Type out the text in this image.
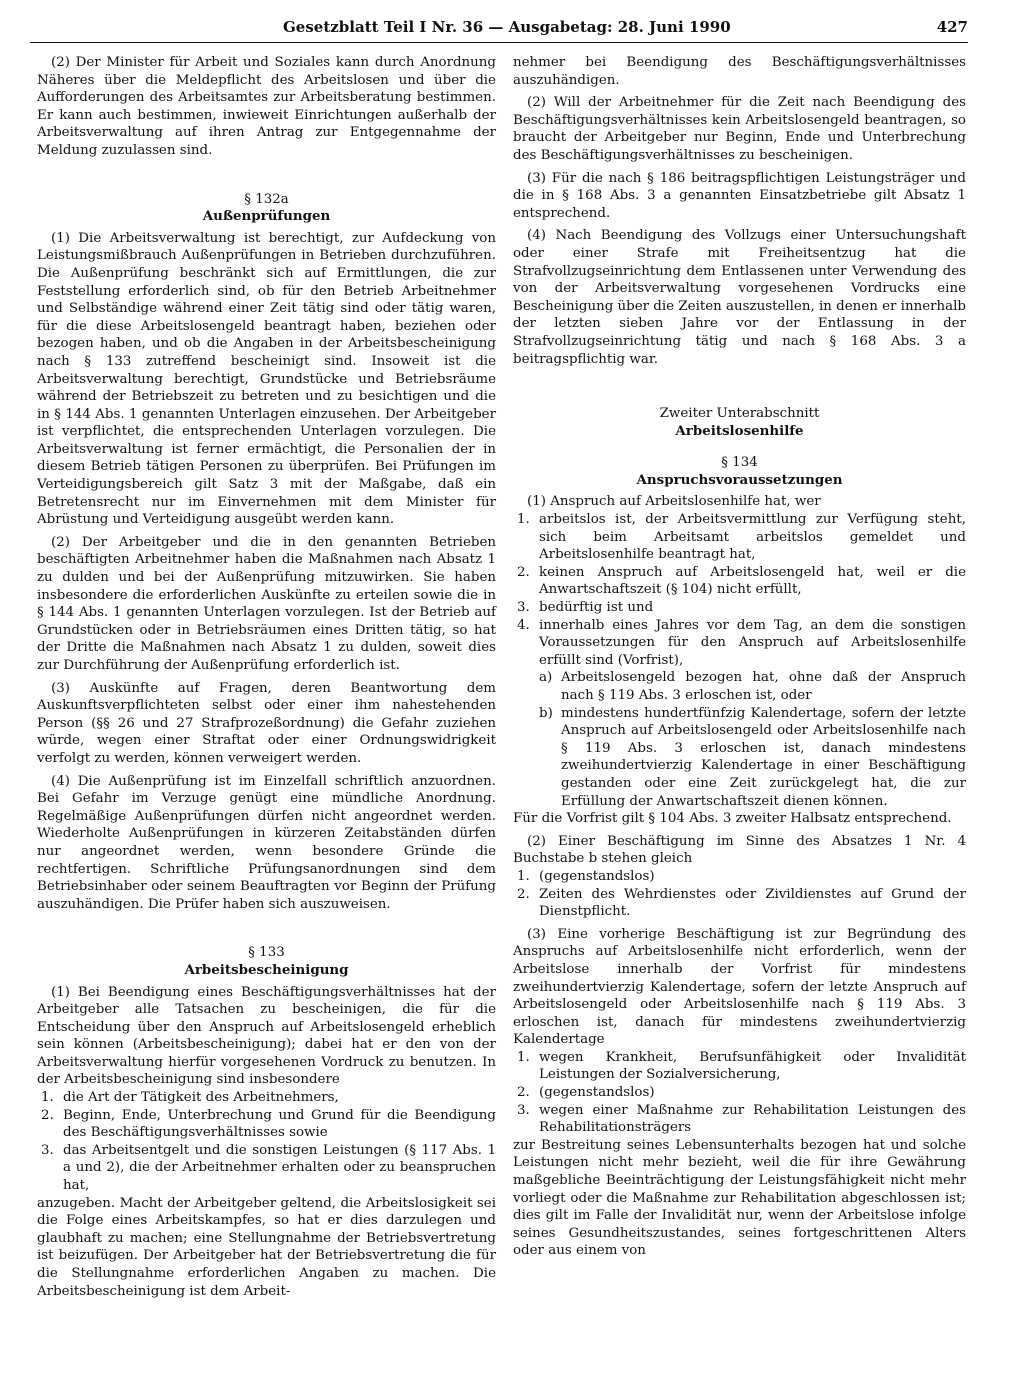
Gesetzblatt Teil I Nr. 36 — Ausgabetag: 28. Juni 1990	427

(2) Der Minister für Arbeit und Soziales kann durch Anordnung Näheres über die Meldepflicht des Arbeitslosen und über die Aufforderungen des Arbeitsamtes zur Arbeitsberatung bestimmen. Er kann auch bestimmen, inwieweit Einrichtungen außerhalb der Arbeitsverwaltung auf ihren Antrag zur Entgegennahme der Meldung zuzulassen sind.

§ 132a

Außenprüfungen

(1) Die Arbeitsverwaltung ist berechtigt, zur Aufdeckung von Leistungsmißbrauch Außenprüfungen in Betrieben durchzuführen. Die Außenprüfung beschränkt sich auf Ermittlungen, die zur Feststellung erforderlich sind, ob für den Betrieb Arbeitnehmer und Selbständige während einer Zeit tätig sind oder tätig waren, für die diese Arbeitslosengeld beantragt haben, beziehen oder bezogen haben, und ob die Angaben in der Arbeitsbescheinigung nach § 133 zutreffend bescheinigt sind. Insoweit ist die Arbeitsverwaltung berechtigt, Grundstücke und Betriebsräume während der Betriebszeit zu betreten und zu besichtigen und die in § 144 Abs. 1 genannten Unterlagen einzusehen. Der Arbeitgeber ist verpflichtet, die entsprechenden Unterlagen vorzulegen. Die Arbeitsverwaltung ist ferner ermächtigt, die Personalien der in diesem Betrieb tätigen Personen zu überprüfen. Bei Prüfungen im Verteidigungsbereich gilt Satz 3 mit der Maßgabe, daß ein Betretensrecht nur im Einvernehmen mit dem Minister für Abrüstung und Verteidigung ausgeübt werden kann.

(2) Der Arbeitgeber und die in den genannten Betrieben beschäftigten Arbeitnehmer haben die Maßnahmen nach Absatz 1 zu dulden und bei der Außenprüfung mitzuwirken. Sie haben insbesondere die erforderlichen Auskünfte zu erteilen sowie die in § 144 Abs. 1 genannten Unterlagen vorzulegen. Ist der Betrieb auf Grundstücken oder in Betriebsräumen eines Dritten tätig, so hat der Dritte die Maßnahmen nach Absatz 1 zu dulden, soweit dies zur Durchführung der Außenprüfung erforderlich ist.

(3) Auskünfte auf Fragen, deren Beantwortung dem Auskunftsverpflichteten selbst oder einer ihm nahestehenden Person (§§ 26 und 27 Strafprozeßordnung) die Gefahr zuziehen würde, wegen einer Straftat oder einer Ordnungswidrigkeit verfolgt zu werden, können verweigert werden.

(4) Die Außenprüfung ist im Einzelfall schriftlich anzuordnen. Bei Gefahr im Verzuge genügt eine mündliche Anordnung. Regelmäßige Außenprüfungen dürfen nicht angeordnet werden. Wiederholte Außenprüfungen in kürzeren Zeitabständen dürfen nur angeordnet werden, wenn besondere Gründe die rechtfertigen. Schriftliche Prüfungsanordnungen sind dem Betriebsinhaber oder seinem Beauftragten vor Beginn der Prüfung auszuhändigen. Die Prüfer haben sich auszuweisen.

§ 133

Arbeitsbescheinigung

(1) Bei Beendigung eines Beschäftigungsverhältnisses hat der Arbeitgeber alle Tatsachen zu bescheinigen, die für die Entscheidung über den Anspruch auf Arbeitslosengeld erheblich sein können (Arbeitsbescheinigung); dabei hat er den von der Arbeitsverwaltung hierfür vorgesehenen Vordruck zu benutzen. In der Arbeitsbescheinigung sind insbesondere

1. die Art der Tätigkeit des Arbeitnehmers,
2. Beginn, Ende, Unterbrechung und Grund für die Beendigung des Beschäftigungsverhältnisses sowie
3. das Arbeitsentgelt und die sonstigen Leistungen (§ 117 Abs. 1 a und 2), die der Arbeitnehmer erhalten oder zu beanspruchen hat,

anzugeben. Macht der Arbeitgeber geltend, die Arbeitslosigkeit sei die Folge eines Arbeitskampfes, so hat er dies darzulegen und glaubhaft zu machen; eine Stellungnahme der Betriebsvertretung ist beizufügen. Der Arbeitgeber hat der Betriebsvertretung die für die Stellungnahme erforderlichen Angaben zu machen. Die Arbeitsbescheinigung ist dem Arbeit-

nehmer bei Beendigung des Beschäftigungsverhältnisses auszuhändigen.

(2) Will der Arbeitnehmer für die Zeit nach Beendigung des Beschäftigungsverhältnisses kein Arbeitslosengeld beantragen, so braucht der Arbeitgeber nur Beginn, Ende und Unterbrechung des Beschäftigungsverhältnisses zu bescheinigen.

(3) Für die nach § 186 beitragspflichtigen Leistungsträger und die in § 168 Abs. 3 a genannten Einsatzbetriebe gilt Absatz 1 entsprechend.

(4) Nach Beendigung des Vollzugs einer Untersuchungshaft oder einer Strafe mit Freiheitsentzug hat die Strafvollzugseinrichtung dem Entlassenen unter Verwendung des von der Arbeitsverwaltung vorgesehenen Vordrucks eine Bescheinigung über die Zeiten auszustellen, in denen er innerhalb der letzten sieben Jahre vor der Entlassung in der Strafvollzugseinrichtung tätig und nach § 168 Abs. 3 a beitragspflichtig war.

Zweiter Unterabschnitt

Arbeitslosenhilfe

§ 134

Anspruchsvoraussetzungen

(1) Anspruch auf Arbeitslosenhilfe hat, wer

1. arbeitslos ist, der Arbeitsvermittlung zur Verfügung steht, sich beim Arbeitsamt arbeitslos gemeldet und Arbeitslosenhilfe beantragt hat,
2. keinen Anspruch auf Arbeitslosengeld hat, weil er die Anwartschaftszeit (§ 104) nicht erfüllt,
3. bedürftig ist und
4. innerhalb eines Jahres vor dem Tag, an dem die sonstigen Voraussetzungen für den Anspruch auf Arbeitslosenhilfe erfüllt sind (Vorfrist),
a) Arbeitslosengeld bezogen hat, ohne daß der Anspruch nach § 119 Abs. 3 erloschen ist, oder
b) mindestens hundertfünfzig Kalendertage, sofern der letzte Anspruch auf Arbeitslosengeld oder Arbeitslosenhilfe nach § 119 Abs. 3 erloschen ist, danach mindestens zweihundertvierzig Kalendertage in einer Beschäftigung gestanden oder eine Zeit zurückgelegt hat, die zur Erfüllung der Anwartschaftszeit dienen können.

Für die Vorfrist gilt § 104 Abs. 3 zweiter Halbsatz entsprechend.

(2) Einer Beschäftigung im Sinne des Absatzes 1 Nr. 4 Buchstabe b stehen gleich

1. (gegenstandslos)
2. Zeiten des Wehrdienstes oder Zivildienstes auf Grund der Dienstpflicht.

(3) Eine vorherige Beschäftigung ist zur Begründung des Anspruchs auf Arbeitslosenhilfe nicht erforderlich, wenn der Arbeitslose innerhalb der Vorfrist für mindestens zweihundertvierzig Kalendertage, sofern der letzte Anspruch auf Arbeitslosengeld oder Arbeitslosenhilfe nach § 119 Abs. 3 erloschen ist, danach für mindestens zweihundertvierzig Kalendertage

1. wegen Krankheit, Berufsunfähigkeit oder Invalidität Leistungen der Sozialversicherung,
2. (gegenstandslos)
3. wegen einer Maßnahme zur Rehabilitation Leistungen des Rehabilitationsträgers

zur Bestreitung seines Lebensunterhalts bezogen hat und solche Leistungen nicht mehr bezieht, weil die für ihre Gewährung maßgebliche Beeinträchtigung der Leistungsfähigkeit nicht mehr vorliegt oder die Maßnahme zur Rehabilitation abgeschlossen ist; dies gilt im Falle der Invalidität nur, wenn der Arbeitslose infolge seines Gesundheitszustandes, seines fortgeschrittenen Alters oder aus einem von
